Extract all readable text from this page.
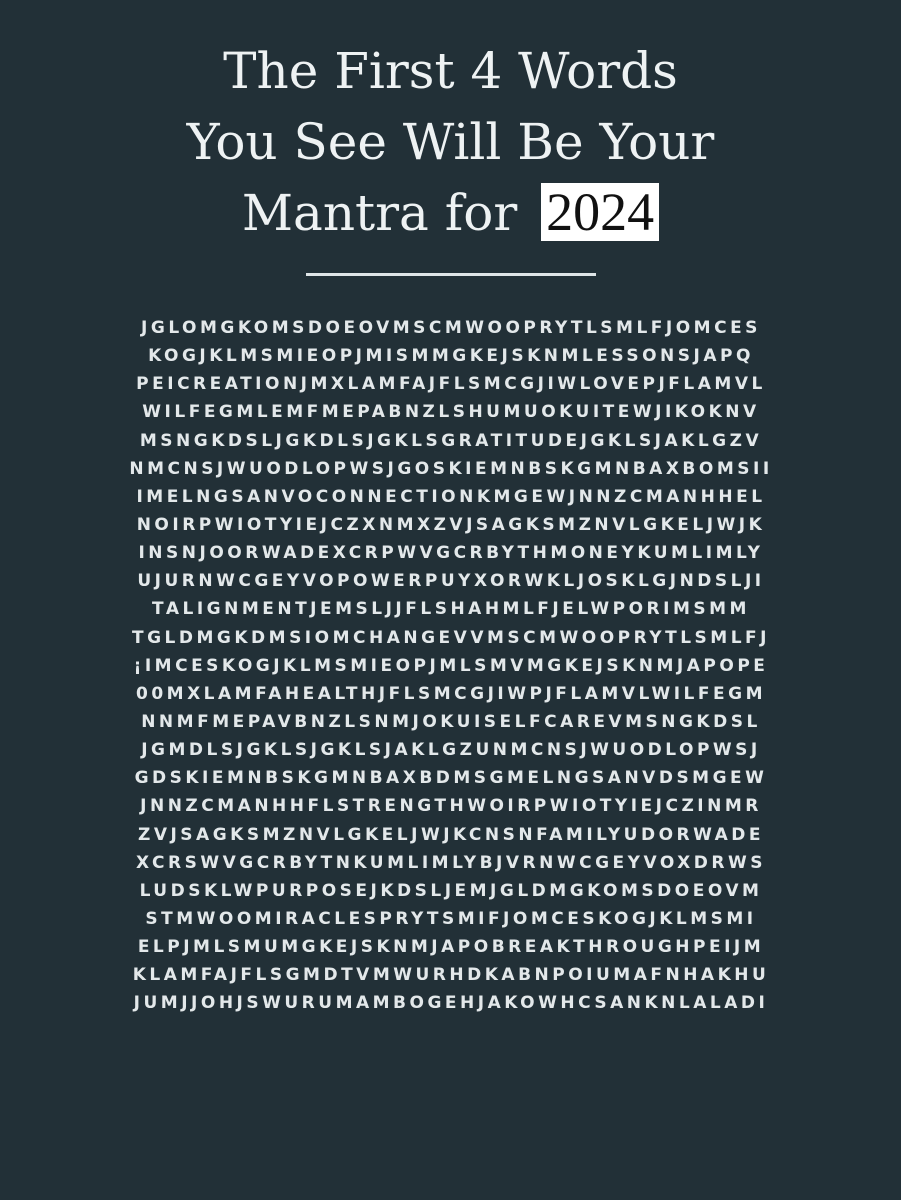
The First 4 Words
You See Will Be Your
Mantra for 2024
JGLOMGKOMSDOEOVMSCMWOOPRYTLSMLFJOMCES
KOGJKLMSMIEOPJMISMMGKEJSKNMLESSONSJAPQ
PEICREATIONJMXLAMFAJFLSMCGJIWLOVEPJFLAMVL
WILFEGMLEMFMEPABNZLSHUMUOKUITEWJIKOKNV
MSNGKDSLJGKDLSJGKLSGRATITUDEJGKLSJAKLGZV
NMCNSJWUODLOPWSJGOSKIEMNBSKGMNBAXBOMSII
IMELNGSANVOCONNECTIONKMGEWJNNZCMANHHEL
NOIRPWIOTYIEJCZXNMXZVJSAGKSMZNVLGKELJWJK
INSNJOORWADEXCRPWVGCRBYTHMONEYKUMLIMLY
UJURNWCGEYVOPOWERPUYXORWKLJOSKLGJNDSLJI
TALIGNMENTJEMSLJJFLSHAHMLFJELWPORIMSMM
TGLDMGKDMSIOMCHANGEVVMSCMWOOPRYTLSMLFJ
¡IMCESKOGJKLMSMIEOPJMLSMVMGKEJSKNMJAPOPE
00MXLAMFAHEALTHJFLSMCGJIWPJFLAMVLWILFEGM
NNMFMEPAVBNZLSNMJOKUISELFCAREVMSNGKDSL
JGMDLSJGKLSJGKLSJAKLGZUNMCNSJWUODLOPWSJ
GDSKIEMNBSKGMNBAXBDMSGMELNGSANVDSMGEW
JNNZCMANHHFLSTRENGTHWOIRPWIOTYIEJCZINMR
ZVJSAGKSMZNVLGKELJWJKCNSNFAMILYUDORWADE
XCRSWVGCRBYTNKUMLIMLYBJVRNWCGEYVOXDRWS
LUDSKLWPURPOSEJKDSLJEMJGLDMGKOMSDOEOVM
STMWOOMIRACLESPRYTSMIFJOMCESKOGJKLMSMI
ELPJMLSMUMGKEJSKNMJAPOBREAKTHROUGHPEIJM
KLAMFAJFLSGMDTVMWURHDKABNPOIUMAFNHAKHU
JUMJJOHJSWURUMAMBOGEHJAKOWHCSANKNLALADI
